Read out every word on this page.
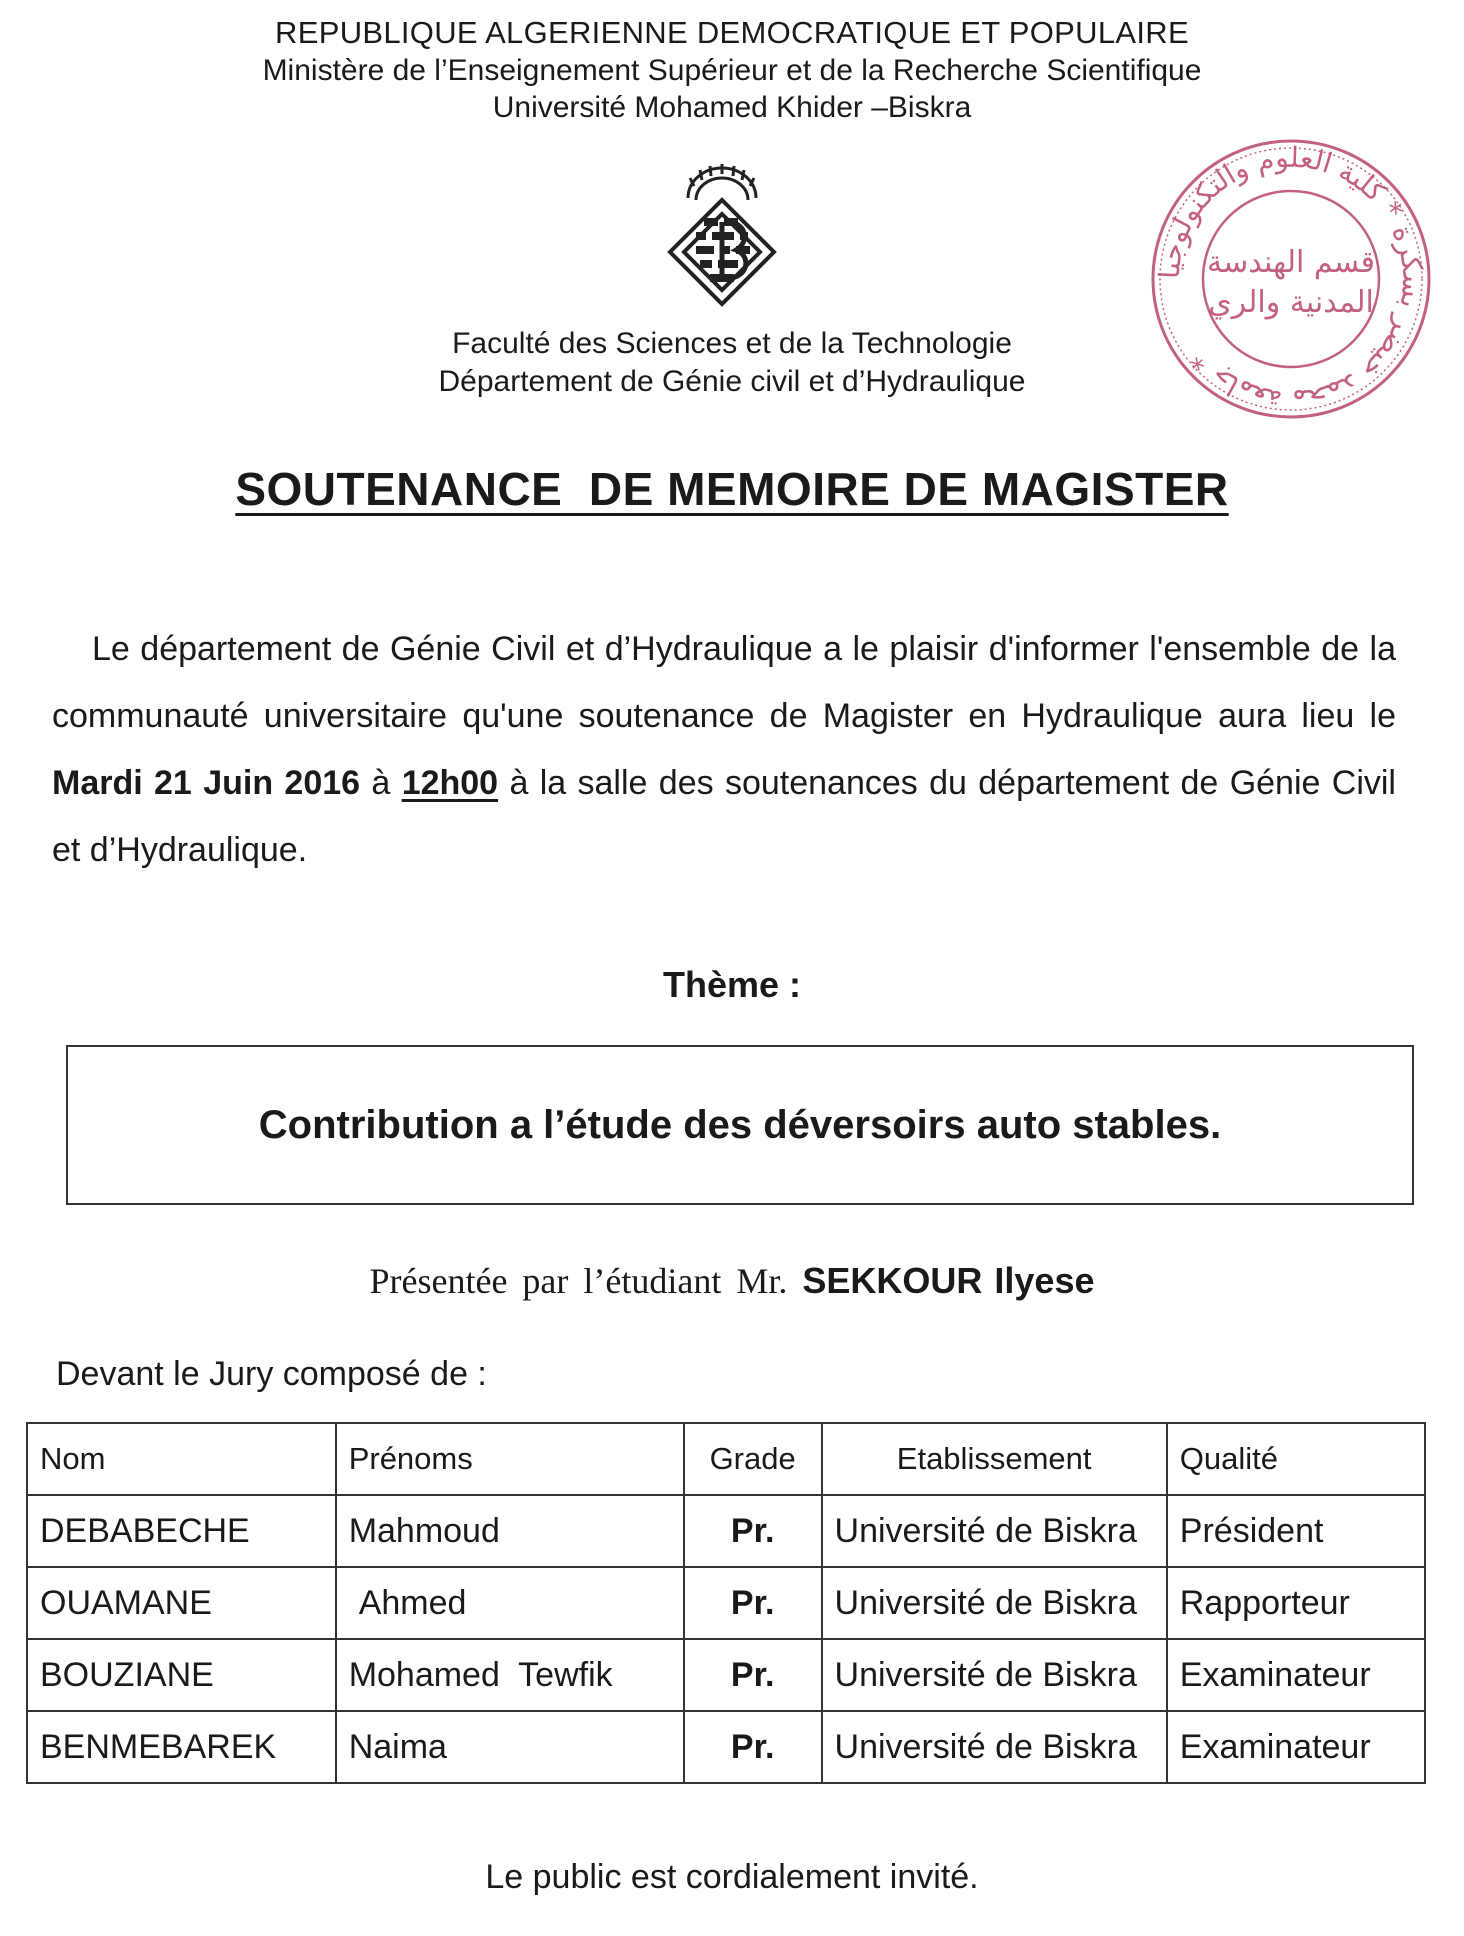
REPUBLIQUE ALGERIENNE DEMOCRATIQUE ET POPULAIRE
Ministère de l’Enseignement Supérieur et de la Recherche Scientifique
Université Mohamed Khider –Biskra
جامعة محمد خيضر بسكرة * كلية العلوم والتكنولوجيا *
قسم الهندسة
المدنية والري
Faculté des Sciences et de la Technologie
Département de Génie civil et d’Hydraulique
SOUTENANCE  DE MEMOIRE DE MAGISTER
Le département de Génie Civil et d’Hydraulique a le plaisir d'informer l'ensemble de la communauté universitaire qu'une soutenance de Magister en Hydraulique aura lieu le Mardi 21 Juin 2016 à 12h00 à la salle des soutenances du département de Génie Civil et d’Hydraulique.
Thème :
Contribution a l’étude des déversoirs auto stables.
Présentée par l’étudiant Mr. SEKKOUR Ilyese
Devant le Jury composé de :
Nom	Prénoms	Grade	Etablissement	Qualité
DEBABECHE	Mahmoud	Pr.	Université de Biskra	Président
OUAMANE	Ahmed	Pr.	Université de Biskra	Rapporteur
BOUZIANE	Mohamed  Tewfik	Pr.	Université de Biskra	Examinateur
BENMEBAREK	Naima	Pr.	Université de Biskra	Examinateur
Le public est cordialement invité.
